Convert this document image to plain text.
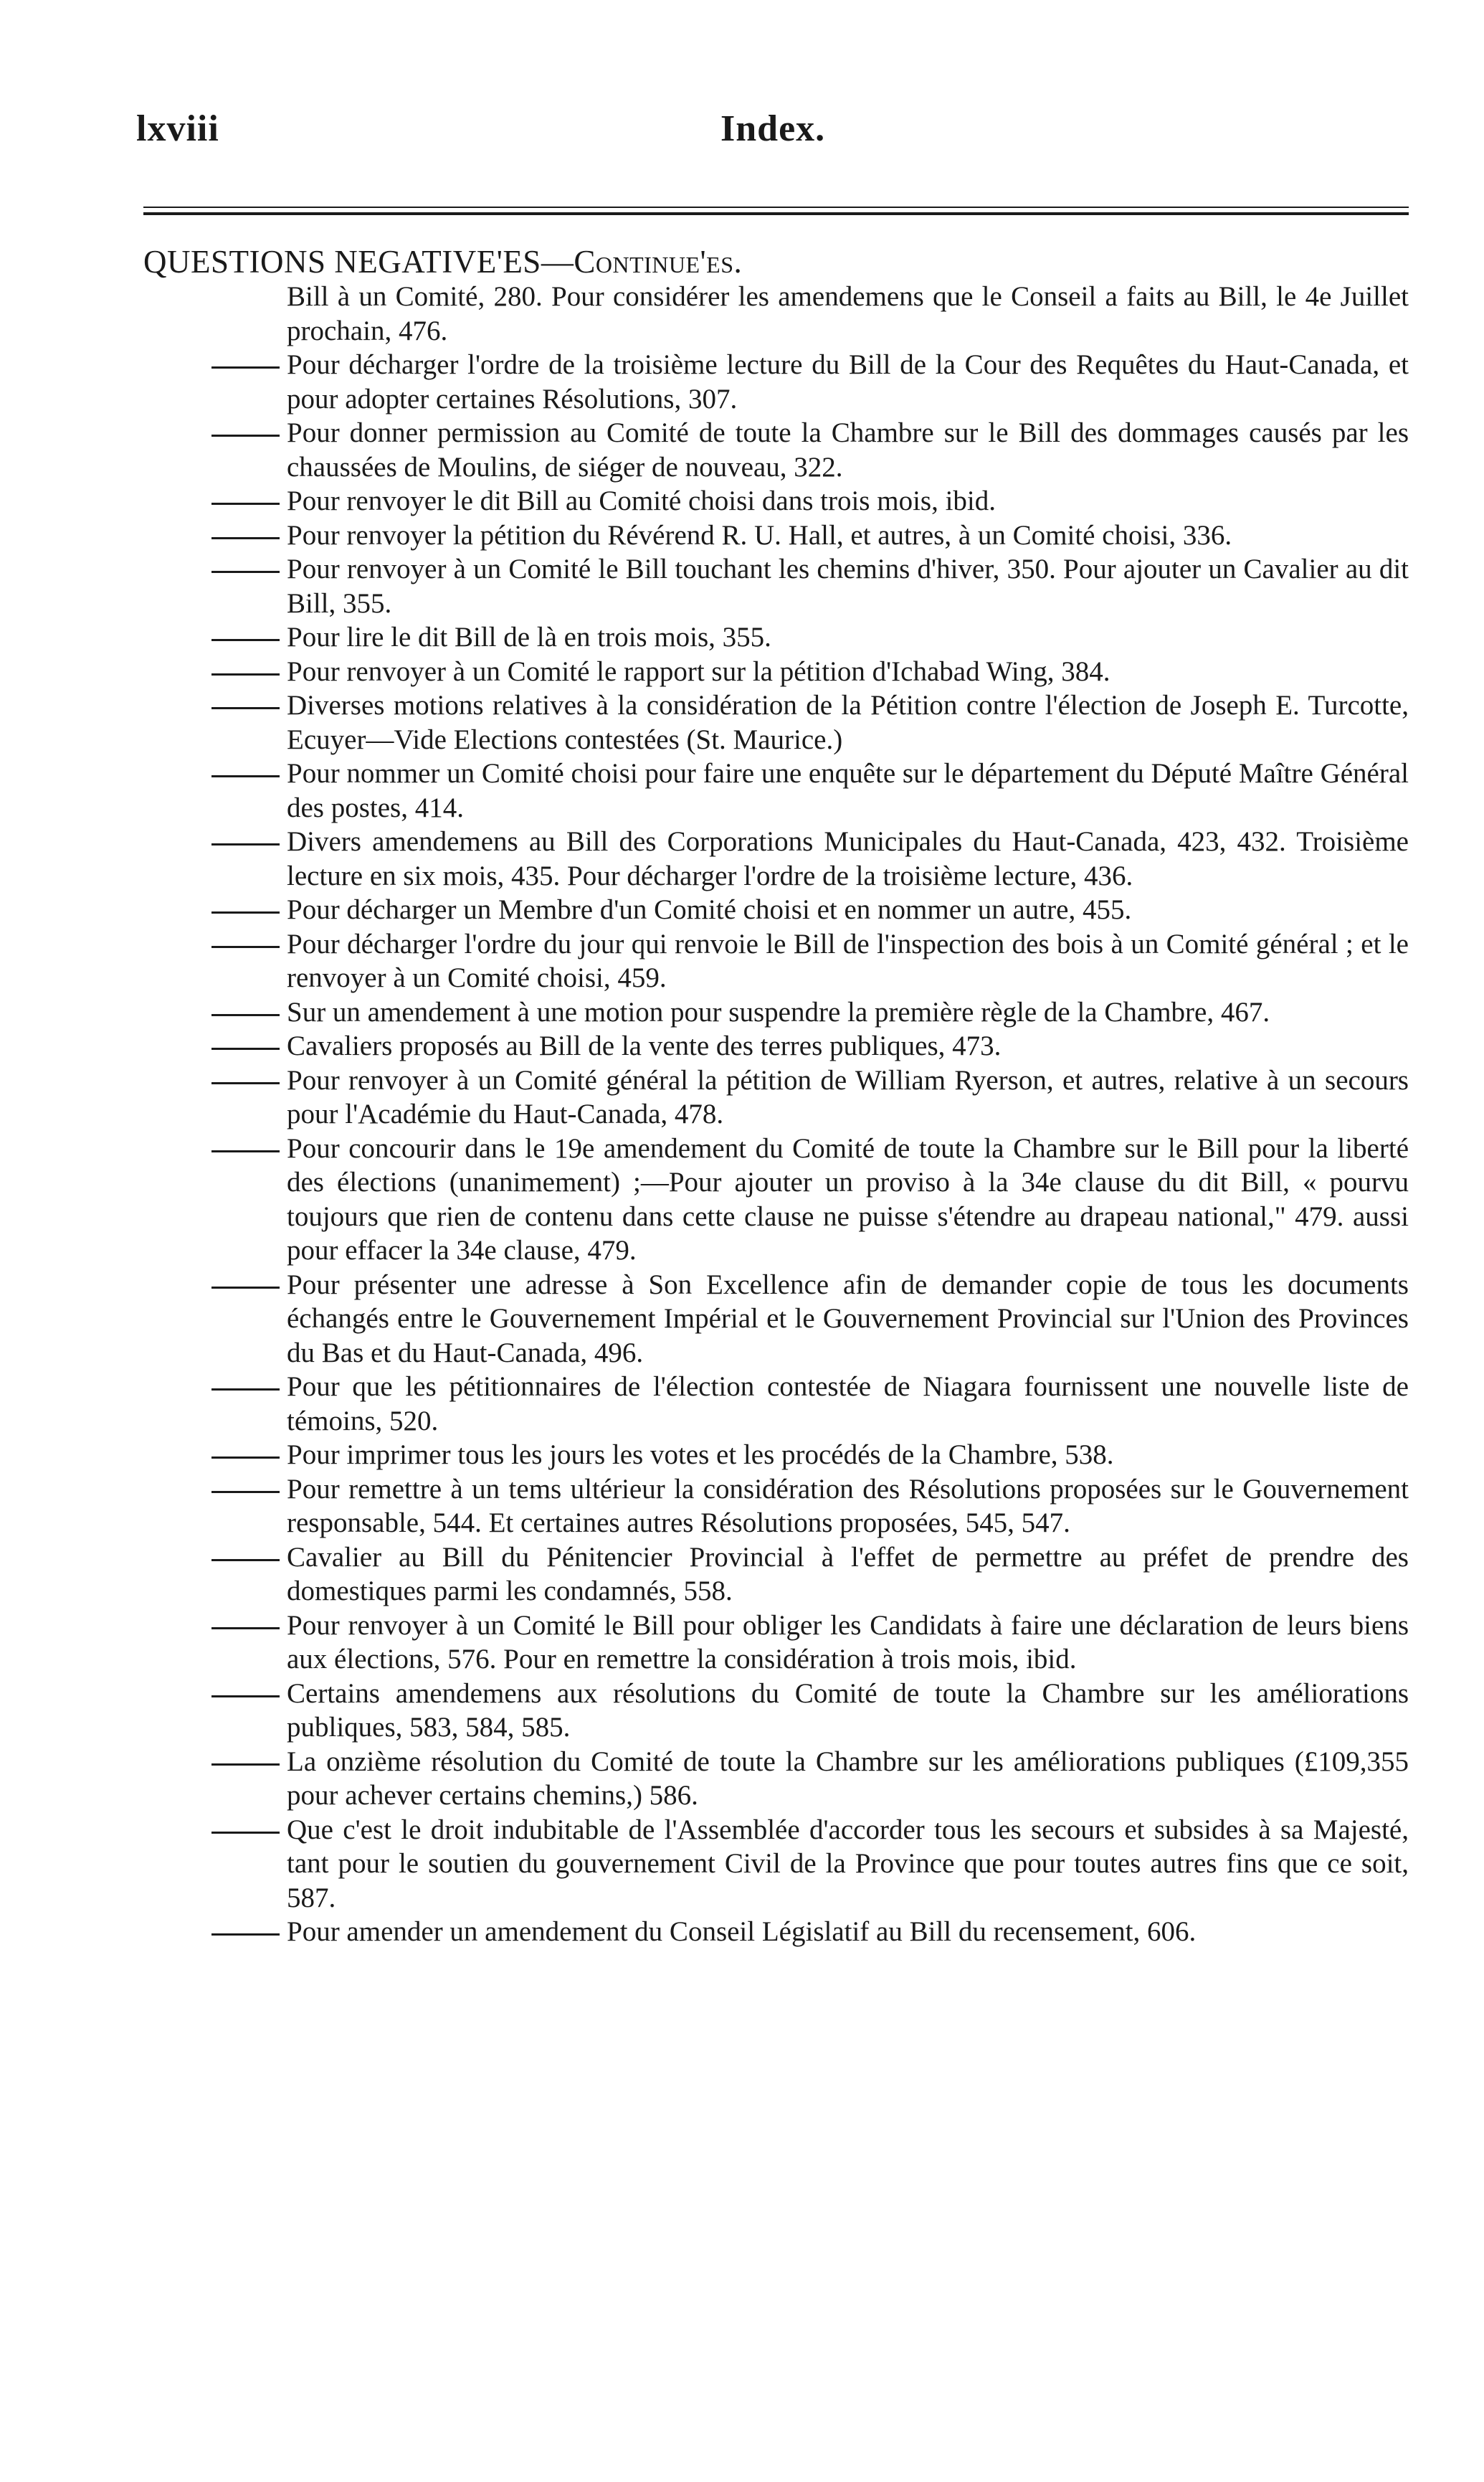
lxviii	Index.
QUESTIONS NEGATIVE'ES—Continue'es.
Bill à un Comité, 280. Pour considérer les amendemens que le Conseil a faits au Bill, le 4e Juillet prochain, 476.
Pour décharger l'ordre de la troisième lecture du Bill de la Cour des Requêtes du Haut-Canada, et pour adopter certaines Résolutions, 307.
Pour donner permission au Comité de toute la Chambre sur le Bill des dommages causés par les chaussées de Moulins, de siéger de nouveau, 322.
Pour renvoyer le dit Bill au Comité choisi dans trois mois, ibid.
Pour renvoyer la pétition du Révérend R. U. Hall, et autres, à un Comité choisi, 336.
Pour renvoyer à un Comité le Bill touchant les chemins d'hiver, 350. Pour ajouter un Cavalier au dit Bill, 355.
Pour lire le dit Bill de là en trois mois, 355.
Pour renvoyer à un Comité le rapport sur la pétition d'Ichabad Wing, 384.
Diverses motions relatives à la considération de la Pétition contre l'élection de Joseph E. Turcotte, Ecuyer—Vide Elections contestées (St. Maurice.)
Pour nommer un Comité choisi pour faire une enquête sur le département du Député Maître Général des postes, 414.
Divers amendemens au Bill des Corporations Municipales du Haut-Canada, 423, 432. Troisième lecture en six mois, 435. Pour décharger l'ordre de la troisième lecture, 436.
Pour décharger un Membre d'un Comité choisi et en nommer un autre, 455.
Pour décharger l'ordre du jour qui renvoie le Bill de l'inspection des bois à un Comité général ; et le renvoyer à un Comité choisi, 459.
Sur un amendement à une motion pour suspendre la première règle de la Chambre, 467.
Cavaliers proposés au Bill de la vente des terres publiques, 473.
Pour renvoyer à un Comité général la pétition de William Ryerson, et autres, relative à un secours pour l'Académie du Haut-Canada, 478.
Pour concourir dans le 19e amendement du Comité de toute la Chambre sur le Bill pour la liberté des élections (unanimement) ;—Pour ajouter un proviso à la 34e clause du dit Bill, « pourvu toujours que rien de contenu dans cette clause ne puisse s'étendre au drapeau national," 479. aussi pour effacer la 34e clause, 479.
Pour présenter une adresse à Son Excellence afin de demander copie de tous les documents échangés entre le Gouvernement Impérial et le Gouvernement Provincial sur l'Union des Provinces du Bas et du Haut-Canada, 496.
Pour que les pétitionnaires de l'élection contestée de Niagara fournissent une nouvelle liste de témoins, 520.
Pour imprimer tous les jours les votes et les procédés de la Chambre, 538.
Pour remettre à un tems ultérieur la considération des Résolutions proposées sur le Gouvernement responsable, 544. Et certaines autres Résolutions proposées, 545, 547.
Cavalier au Bill du Pénitencier Provincial à l'effet de permettre au préfet de prendre des domestiques parmi les condamnés, 558.
Pour renvoyer à un Comité le Bill pour obliger les Candidats à faire une déclaration de leurs biens aux élections, 576. Pour en remettre la considération à trois mois, ibid.
Certains amendemens aux résolutions du Comité de toute la Chambre sur les améliorations publiques, 583, 584, 585.
La onzième résolution du Comité de toute la Chambre sur les améliorations publiques (£109,355 pour achever certains chemins,) 586.
Que c'est le droit indubitable de l'Assemblée d'accorder tous les secours et subsides à sa Majesté, tant pour le soutien du gouvernement Civil de la Province que pour toutes autres fins que ce soit, 587.
Pour amender un amendement du Conseil Législatif au Bill du recensement, 606.
